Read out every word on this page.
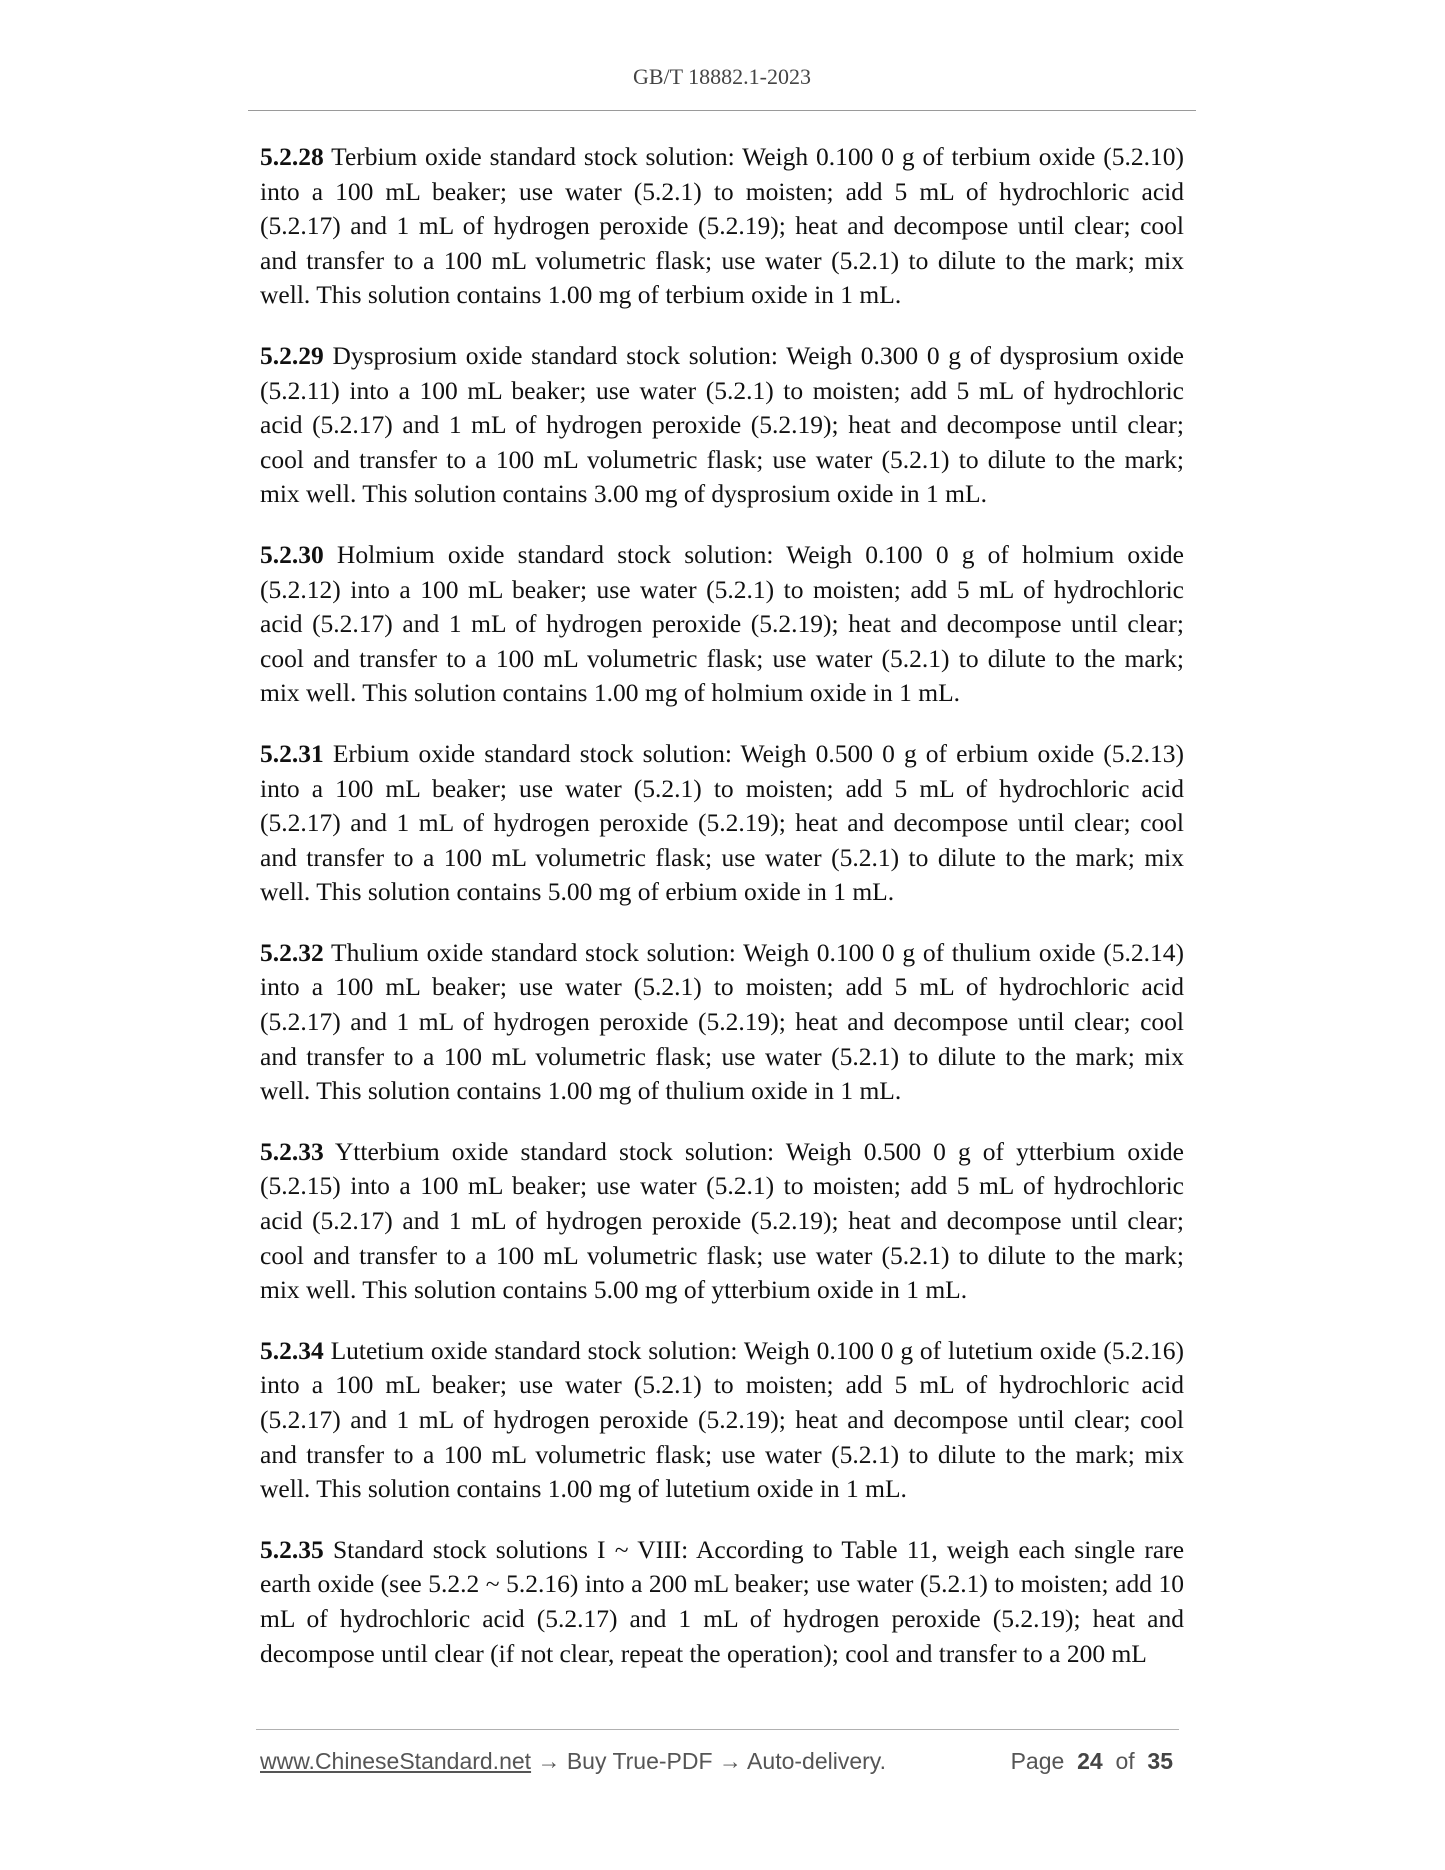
GB/T 18882.1-2023

5.2.28 Terbium oxide standard stock solution: Weigh 0.100 0 g of terbium oxide (5.2.10) into a 100 mL beaker; use water (5.2.1) to moisten; add 5 mL of hydrochloric acid (5.2.17) and 1 mL of hydrogen peroxide (5.2.19); heat and decompose until clear; cool and transfer to a 100 mL volumetric flask; use water (5.2.1) to dilute to the mark; mix well. This solution contains 1.00 mg of terbium oxide in 1 mL.

5.2.29 Dysprosium oxide standard stock solution: Weigh 0.300 0 g of dysprosium oxide (5.2.11) into a 100 mL beaker; use water (5.2.1) to moisten; add 5 mL of hydrochloric acid (5.2.17) and 1 mL of hydrogen peroxide (5.2.19); heat and decompose until clear; cool and transfer to a 100 mL volumetric flask; use water (5.2.1) to dilute to the mark; mix well. This solution contains 3.00 mg of dysprosium oxide in 1 mL.

5.2.30 Holmium oxide standard stock solution: Weigh 0.100 0 g of holmium oxide (5.2.12) into a 100 mL beaker; use water (5.2.1) to moisten; add 5 mL of hydrochloric acid (5.2.17) and 1 mL of hydrogen peroxide (5.2.19); heat and decompose until clear; cool and transfer to a 100 mL volumetric flask; use water (5.2.1) to dilute to the mark; mix well. This solution contains 1.00 mg of holmium oxide in 1 mL.

5.2.31 Erbium oxide standard stock solution: Weigh 0.500 0 g of erbium oxide (5.2.13) into a 100 mL beaker; use water (5.2.1) to moisten; add 5 mL of hydrochloric acid (5.2.17) and 1 mL of hydrogen peroxide (5.2.19); heat and decompose until clear; cool and transfer to a 100 mL volumetric flask; use water (5.2.1) to dilute to the mark; mix well. This solution contains 5.00 mg of erbium oxide in 1 mL.

5.2.32 Thulium oxide standard stock solution: Weigh 0.100 0 g of thulium oxide (5.2.14) into a 100 mL beaker; use water (5.2.1) to moisten; add 5 mL of hydrochloric acid (5.2.17) and 1 mL of hydrogen peroxide (5.2.19); heat and decompose until clear; cool and transfer to a 100 mL volumetric flask; use water (5.2.1) to dilute to the mark; mix well. This solution contains 1.00 mg of thulium oxide in 1 mL.

5.2.33 Ytterbium oxide standard stock solution: Weigh 0.500 0 g of ytterbium oxide (5.2.15) into a 100 mL beaker; use water (5.2.1) to moisten; add 5 mL of hydrochloric acid (5.2.17) and 1 mL of hydrogen peroxide (5.2.19); heat and decompose until clear; cool and transfer to a 100 mL volumetric flask; use water (5.2.1) to dilute to the mark; mix well. This solution contains 5.00 mg of ytterbium oxide in 1 mL.

5.2.34 Lutetium oxide standard stock solution: Weigh 0.100 0 g of lutetium oxide (5.2.16) into a 100 mL beaker; use water (5.2.1) to moisten; add 5 mL of hydrochloric acid (5.2.17) and 1 mL of hydrogen peroxide (5.2.19); heat and decompose until clear; cool and transfer to a 100 mL volumetric flask; use water (5.2.1) to dilute to the mark; mix well. This solution contains 1.00 mg of lutetium oxide in 1 mL.

5.2.35 Standard stock solutions I ~ VIII: According to Table 11, weigh each single rare earth oxide (see 5.2.2 ~ 5.2.16) into a 200 mL beaker; use water (5.2.1) to moisten; add 10 mL of hydrochloric acid (5.2.17) and 1 mL of hydrogen peroxide (5.2.19); heat and decompose until clear (if not clear, repeat the operation); cool and transfer to a 200 mL

www.ChineseStandard.net → Buy True-PDF → Auto-delivery.	Page 24 of 35
